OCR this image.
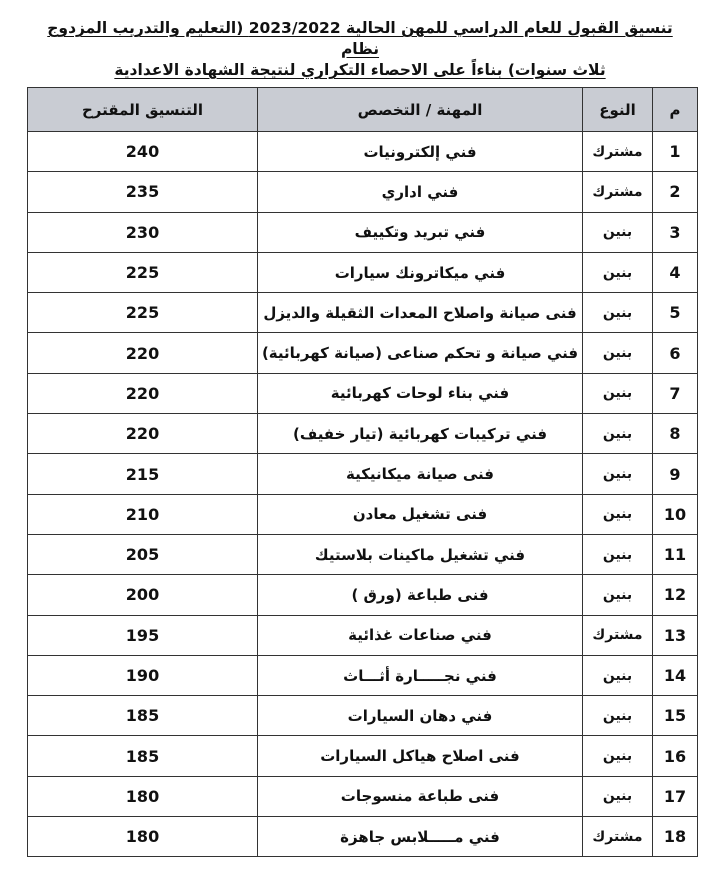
تنسيق القبول للعام الدراسي للمهن الحالية 2023/2022 (التعليم والتدريب المزدوج نظام
ثلاث سنوات) بناءاً على الاحصاء التكراري لنتيجة الشهادة الاعدادية
م	النوع	المهنة / التخصص	التنسيق المقترح
1	مشترك	فني إلكترونيات	240
2	مشترك	فني اداري	235
3	بنين	فني تبريد وتكييف	230
4	بنين	فني ميكاترونك سيارات	225
5	بنين	فنى صيانة واصلاح المعدات الثقيلة والديزل	225
6	بنين	فني صيانة و تحكم صناعى (صيانة كهربائية)	220
7	بنين	فني بناء لوحات كهربائية	220
8	بنين	فني تركيبات كهربائية (تيار خفيف)	220
9	بنين	فنى صيانة ميكانيكية	215
10	بنين	فنى تشغيل معادن	210
11	بنين	فني تشغيل ماكينات بلاستيك	205
12	بنين	فنى طباعة (ورق )	200
13	مشترك	فني صناعات غذائية	195
14	بنين	فني نجـــــارة أثـــاث	190
15	بنين	فني دهان السيارات	185
16	بنين	فنى اصلاح هياكل السيارات	185
17	بنين	فنى طباعة منسوجات	180
18	مشترك	فني مـــــلابس جاهزة	180
